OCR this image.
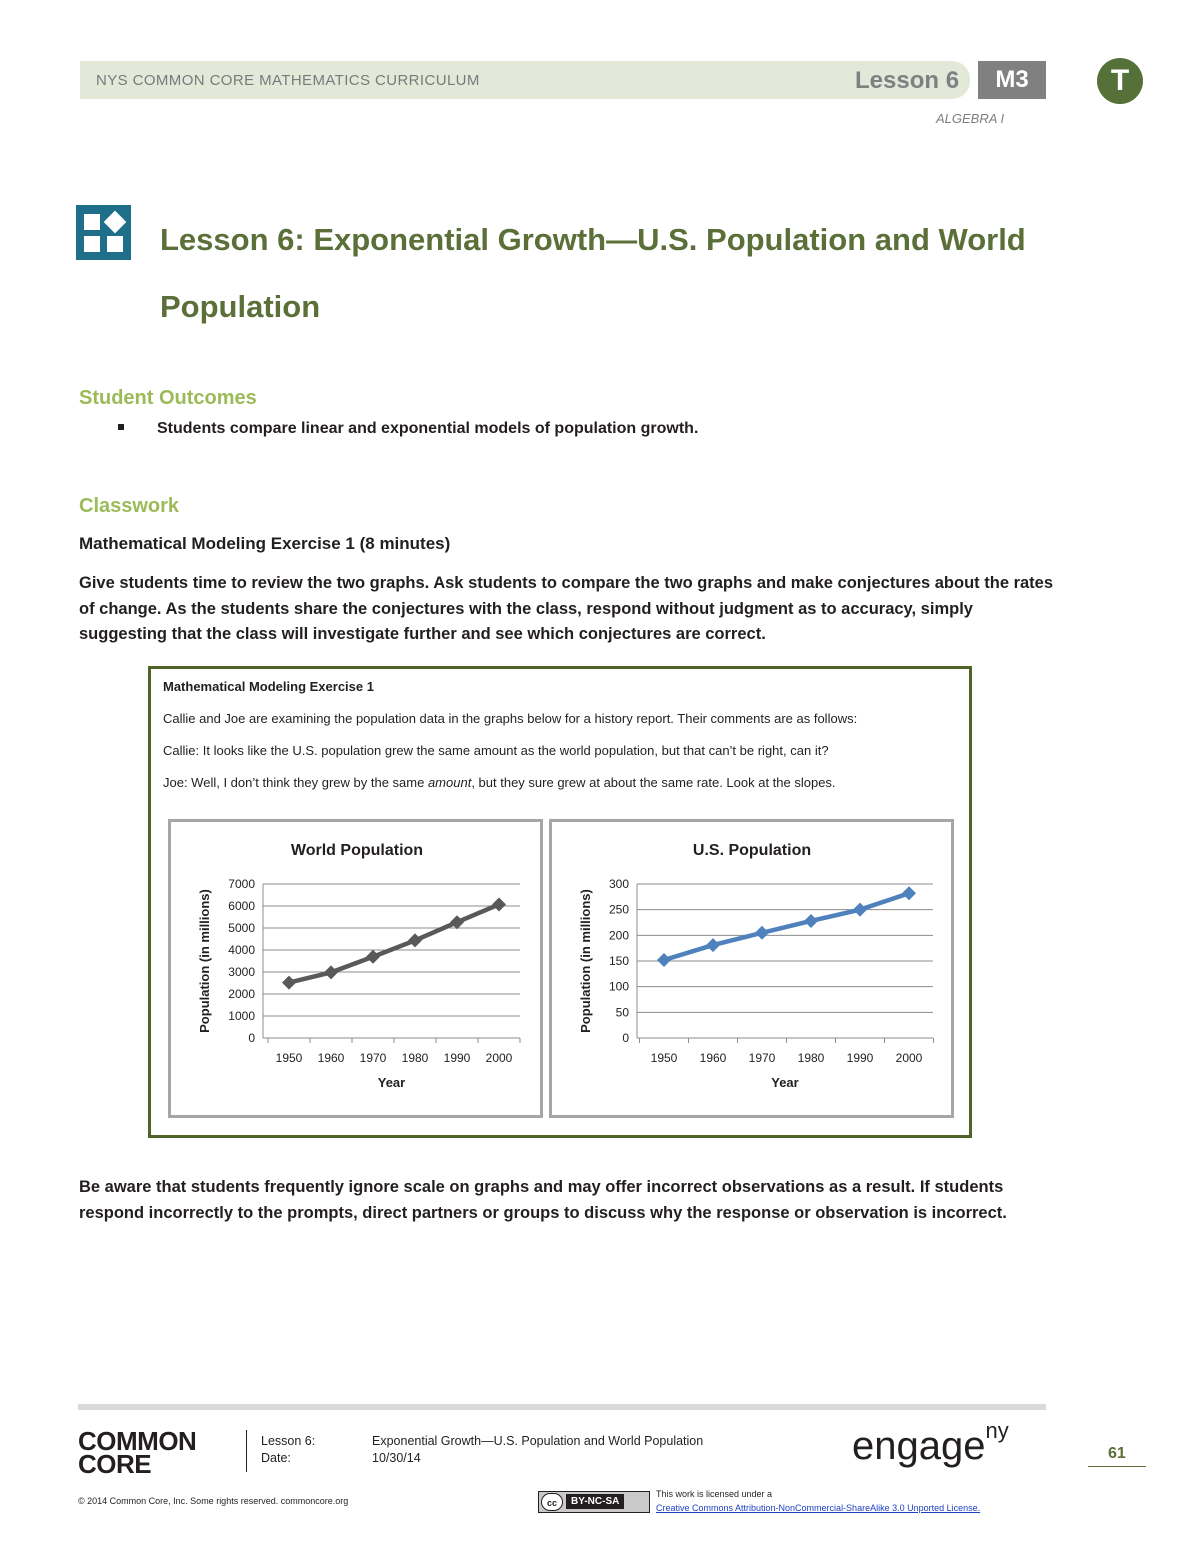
NYS COMMON CORE MATHEMATICS CURRICULUM	Lesson 6	M3
ALGEBRA I
T
Lesson 6: Exponential Growth—U.S. Population and World
Population
Student Outcomes
Students compare linear and exponential models of population growth.
Classwork
Mathematical Modeling Exercise 1 (8 minutes)
Give students time to review the two graphs. Ask students to compare the two graphs and make conjectures about the rates of change. As the students share the conjectures with the class, respond without judgment as to accuracy, simply suggesting that the class will investigate further and see which conjectures are correct.
Mathematical Modeling Exercise 1
Callie and Joe are examining the population data in the graphs below for a history report. Their comments are as follows:
Callie: It looks like the U.S. population grew the same amount as the world population, but that can’t be right, can it?
Joe: Well, I don’t think they grew by the same amount, but they sure grew at about the same rate. Look at the slopes.
World Population
0
1000
2000
3000
4000
5000
6000
7000
1950 1960 1970 1980 1990 2000
Year
Population (in millions)
U.S. Population
0
50
100
150
200
250
300
1950 1960 1970 1980 1990 2000
Year
Population (in millions)
Be aware that students frequently ignore scale on graphs and may offer incorrect observations as a result. If students respond incorrectly to the prompts, direct partners or groups to discuss why the response or observation is incorrect.
COMMON
CORE
Lesson 6:	Exponential Growth—U.S. Population and World Population
Date:	10/30/14	engage$^{ny}$
61
© 2014 Common Core, Inc. Some rights reserved. commoncore.org	cc BY-NC-SA
This work is licensed under a
Creative Commons Attribution-NonCommercial-ShareAlike 3.0 Unported License.
